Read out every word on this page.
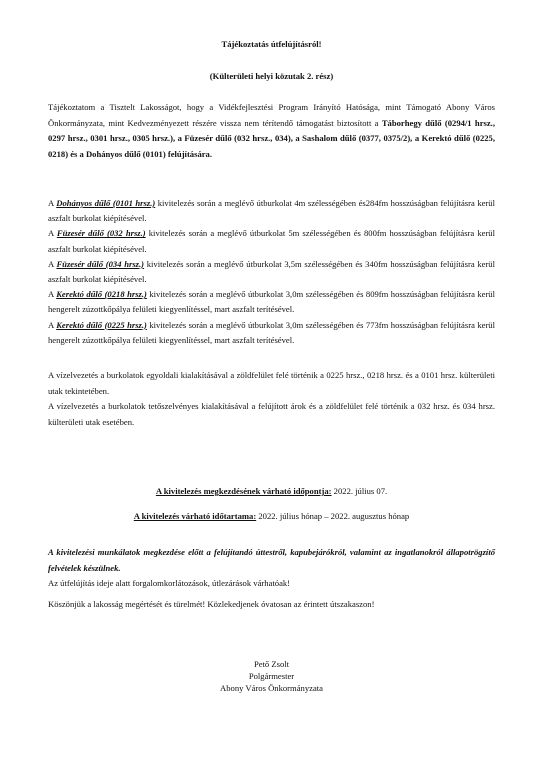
Tájékoztatás útfelújításról!
(Külterületi helyi közutak 2. rész)

Tájékoztatom a Tisztelt Lakosságot, hogy a Vidékfejlesztési Program Irányító Hatósága, mint Támogató Abony Város Önkormányzata, mint Kedvezményezett részére vissza nem térítendő támogatást biztosított a Táborhegy dűlő (0294/1 hrsz., 0297 hrsz., 0301 hrsz., 0305 hrsz.), a Füzesér dűlő (032 hrsz., 034), a Sashalom dűlő (0377, 0375/2), a Kerektó dűlő (0225, 0218) és a Dohányos dűlő (0101) felújítására.

A Dohányos dűlő (0101 hrsz.) kivitelezés során a meglévő útburkolat 4m szélességében és284fm hosszúságban felújításra kerül aszfalt burkolat kiépítésével.
A Füzesér dűlő (032 hrsz.) kivitelezés során a meglévő útburkolat 5m szélességében és 800fm hosszúságban felújításra kerül aszfalt burkolat kiépítésével.
A Füzesér dűlő (034 hrsz.) kivitelezés során a meglévő útburkolat 3,5m szélességében és 340fm hosszúságban felújításra kerül aszfalt burkolat kiépítésével.
A Kerektó dűlő (0218 hrsz.) kivitelezés során a meglévő útburkolat 3,0m szélességében és 809fm hosszúságban felújításra kerül hengerelt zúzottkőpálya felületi kiegyenlítéssel, mart aszfalt terítésével.
A Kerektó dűlő (0225 hrsz.) kivitelezés során a meglévő útburkolat 3,0m szélességében és 773fm hosszúságban felújításra kerül hengerelt zúzottkőpálya felületi kiegyenlítéssel, mart aszfalt terítésével.
A vízelvezetés a burkolatok egyoldali kialakításával a zöldfelület felé történik a 0225 hrsz., 0218 hrsz. és a 0101 hrsz. külterületi utak tekintetében.
A vízelvezetés a burkolatok tetőszelvényes kialakításával a felújított árok és a zöldfelület felé történik a 032 hrsz. és 034 hrsz. külterületi utak esetében.
A kivitelezés megkezdésének várható időpontja: 2022. július 07.
A kivitelezés várható időtartama: 2022. július hónap – 2022. augusztus hónap
A kivitelezési munkálatok megkezdése előtt a felújítandó úttestről, kapubejárókról, valamint az ingatlanokról állapotrögzítő felvételek készülnek.
Az útfelújítás ideje alatt forgalomkorlátozások, útlezárások várhatóak!
Köszönjük a lakosság megértését és türelmét! Közlekedjenek óvatosan az érintett útszakaszon!
Pető Zsolt
Polgármester
Abony Város Önkormányzata
